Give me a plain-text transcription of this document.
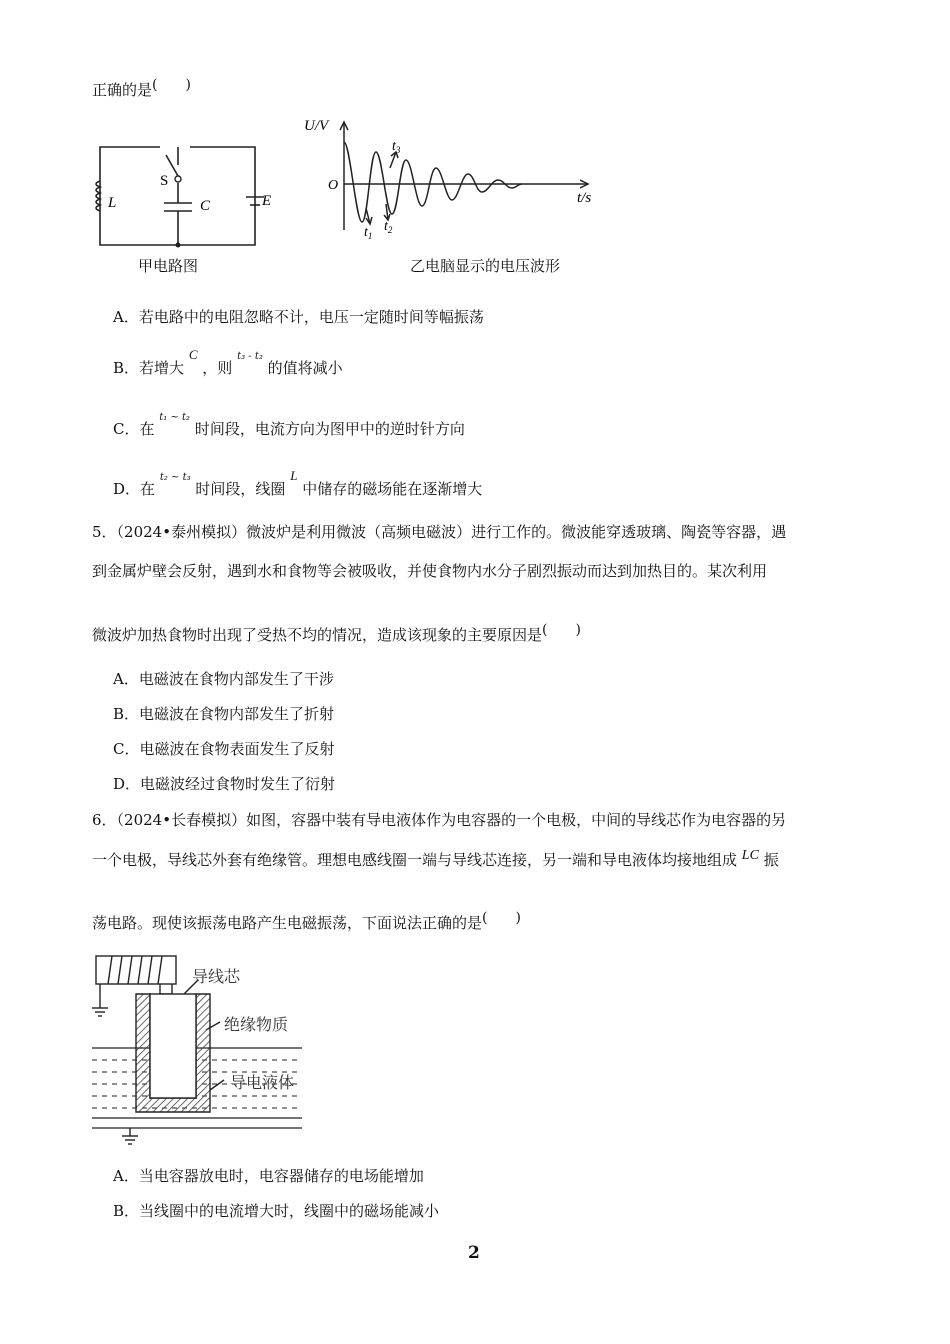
正确的是(　　)
S
L	C	E
甲电路图
U/V
O
t/s
$t_1$
$t_2$
$t_3$
乙电脑显示的电压波形
A．若电路中的电阻忽略不计，电压一定随时间等幅振荡
B．若增大 C ，则 $^{t_3 - t_2}$ 的值将减小
C．在 $^{t_1 \sim t_2}$ 时间段，电流方向为图甲中的逆时针方向
D．在 $^{t_2 \sim t_3}$ 时间段，线圈 L 中储存的磁场能在逐渐增大
5．（2024•泰州模拟）微波炉是利用微波（高频电磁波）进行工作的。微波能穿透玻璃、陶瓷等容器，遇
到金属炉壁会反射，遇到水和食物等会被吸收，并使食物内水分子剧烈振动而达到加热目的。某次利用
微波炉加热食物时出现了受热不均的情况，造成该现象的主要原因是(　　)
A．电磁波在食物内部发生了干涉
B．电磁波在食物内部发生了折射
C．电磁波在食物表面发生了反射
D．电磁波经过食物时发生了衍射
6．（2024•长春模拟）如图，容器中装有导电液体作为电容器的一个电极，中间的导线芯作为电容器的另
一个电极，导线芯外套有绝缘管。理想电感线圈一端与导线芯连接，另一端和导电液体均接地组成 LC 振
荡电路。现使该振荡电路产生电磁振荡，下面说法正确的是(　　)
导线芯
绝缘物质
导电液体
A．当电容器放电时，电容器储存的电场能增加
B．当线圈中的电流增大时，线圈中的磁场能减小
2
